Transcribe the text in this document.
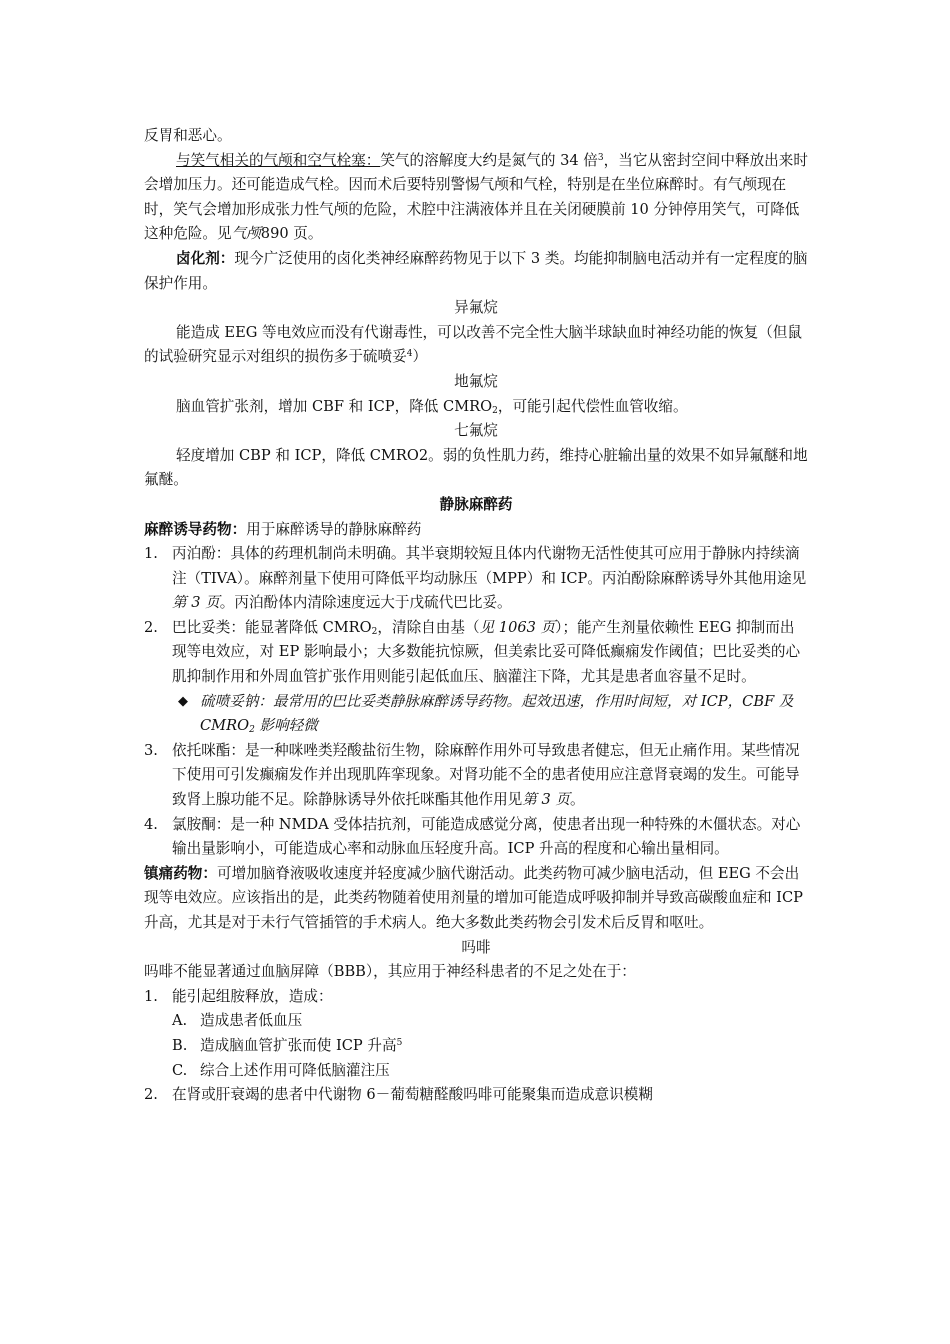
反胃和恶心。

与笑气相关的气颅和空气栓塞：笑气的溶解度大约是氮气的 34 倍$^3$，当它从密封空间中释放出来时会增加压力。还可能造成气栓。因而术后要特别警惕气颅和气栓，特别是在坐位麻醉时。有气颅现在时，笑气会增加形成张力性气颅的危险，术腔中注满液体并且在关闭硬膜前 10 分钟停用笑气，可降低这种危险。见气颅890 页。

卤化剂：现今广泛使用的卤化类神经麻醉药物见于以下 3 类。均能抑制脑电活动并有一定程度的脑保护作用。

异氟烷

能造成 EEG 等电效应而没有代谢毒性，可以改善不完全性大脑半球缺血时神经功能的恢复（但鼠的试验研究显示对组织的损伤多于硫喷妥$^4$）

地氟烷

脑血管扩张剂，增加 CBF 和 ICP，降低 $CMRO_2$，可能引起代偿性血管收缩。

七氟烷

轻度增加 CBP 和 ICP，降低 CMRO2。弱的负性肌力药，维持心脏输出量的效果不如异氟醚和地氟醚。

静脉麻醉药

麻醉诱导药物：用于麻醉诱导的静脉麻醉药

1. 丙泊酚：具体的药理机制尚未明确。其半衰期较短且体内代谢物无活性使其可应用于静脉内持续滴注（TIVA）。麻醉剂量下使用可降低平均动脉压（MPP）和 ICP。丙泊酚除麻醉诱导外其他用途见第 3 页。丙泊酚体内清除速度远大于戊硫代巴比妥。
2. 巴比妥类：能显著降低 $CMRO_2$，清除自由基（见 1063 页）；能产生剂量依赖性 EEG 抑制而出现等电效应，对 EP 影响最小；大多数能抗惊厥，但美索比妥可降低癫痫发作阈值；巴比妥类的心肌抑制作用和外周血管扩张作用则能引起低血压、脑灌注下降，尤其是患者血容量不足时。
◆ 硫喷妥钠：最常用的巴比妥类静脉麻醉诱导药物。起效迅速，作用时间短，对 ICP，CBF 及 $CMRO_2$ 影响轻微
3. 依托咪酯：是一种咪唑类羟酸盐衍生物，除麻醉作用外可导致患者健忘，但无止痛作用。某些情况下使用可引发癫痫发作并出现肌阵挛现象。对肾功能不全的患者使用应注意肾衰竭的发生。可能导致肾上腺功能不足。除静脉诱导外依托咪酯其他作用见第 3 页。
4. 氯胺酮：是一种 NMDA 受体拮抗剂，可能造成感觉分离，使患者出现一种特殊的木僵状态。对心输出量影响小，可能造成心率和动脉血压轻度升高。ICP 升高的程度和心输出量相同。

镇痛药物：可增加脑脊液吸收速度并轻度减少脑代谢活动。此类药物可减少脑电活动，但 EEG 不会出现等电效应。应该指出的是，此类药物随着使用剂量的增加可能造成呼吸抑制并导致高碳酸血症和 ICP 升高，尤其是对于未行气管插管的手术病人。绝大多数此类药物会引发术后反胃和呕吐。

吗啡

吗啡不能显著通过血脑屏障（BBB），其应用于神经科患者的不足之处在于：

1. 能引起组胺释放，造成：
A. 造成患者低血压
B. 造成脑血管扩张而使 ICP 升高$^5$
C. 综合上述作用可降低脑灌注压
2. 在肾或肝衰竭的患者中代谢物 6－葡萄糖醛酸吗啡可能聚集而造成意识模糊
